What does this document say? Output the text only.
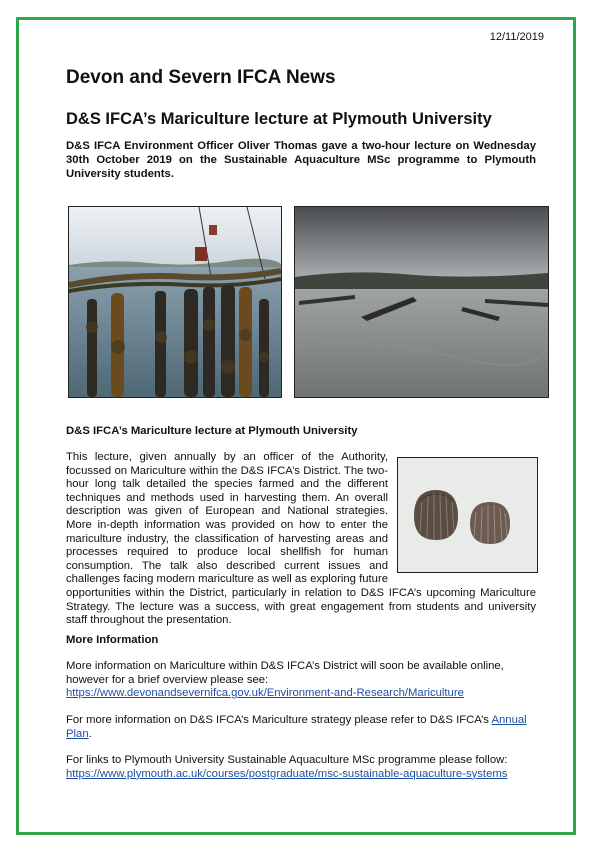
12/11/2019
Devon and Severn IFCA News
D&S IFCA’s Mariculture lecture at Plymouth University

D&S IFCA Environment Officer Oliver Thomas gave a two-hour lecture on Wednesday 30th October 2019 on the Sustainable Aquaculture MSc programme to Plymouth University students.

D&S IFCA’s Mariculture lecture at Plymouth University
This lecture, given annually by an officer of the Authority, focussed on Mariculture within the D&S IFCA’s District. The two-hour long talk detailed the species farmed and the different techniques and methods used in harvesting them. An overall description was given of European and National strategies. More in-depth information was provided on how to enter the mariculture industry, the classification of harvesting areas and processes required to produce local shellfish for human consumption. The talk also described current issues and challenges facing modern mariculture as well as exploring future opportunities within the District, particularly in relation to D&S IFCA’s upcoming Mariculture Strategy. The lecture was a success, with great engagement from students and university staff throughout the presentation.
More Information

More information on Mariculture within D&S IFCA’s District will soon be available online, however for a brief overview please see:
https://www.devonandsevernifca.gov.uk/Environment-and-Research/Mariculture

For more information on D&S IFCA’s Mariculture strategy please refer to D&S IFCA’s Annual Plan.

For links to Plymouth University Sustainable Aquaculture MSc programme please follow:
https://www.plymouth.ac.uk/courses/postgraduate/msc-sustainable-aquaculture-systems
